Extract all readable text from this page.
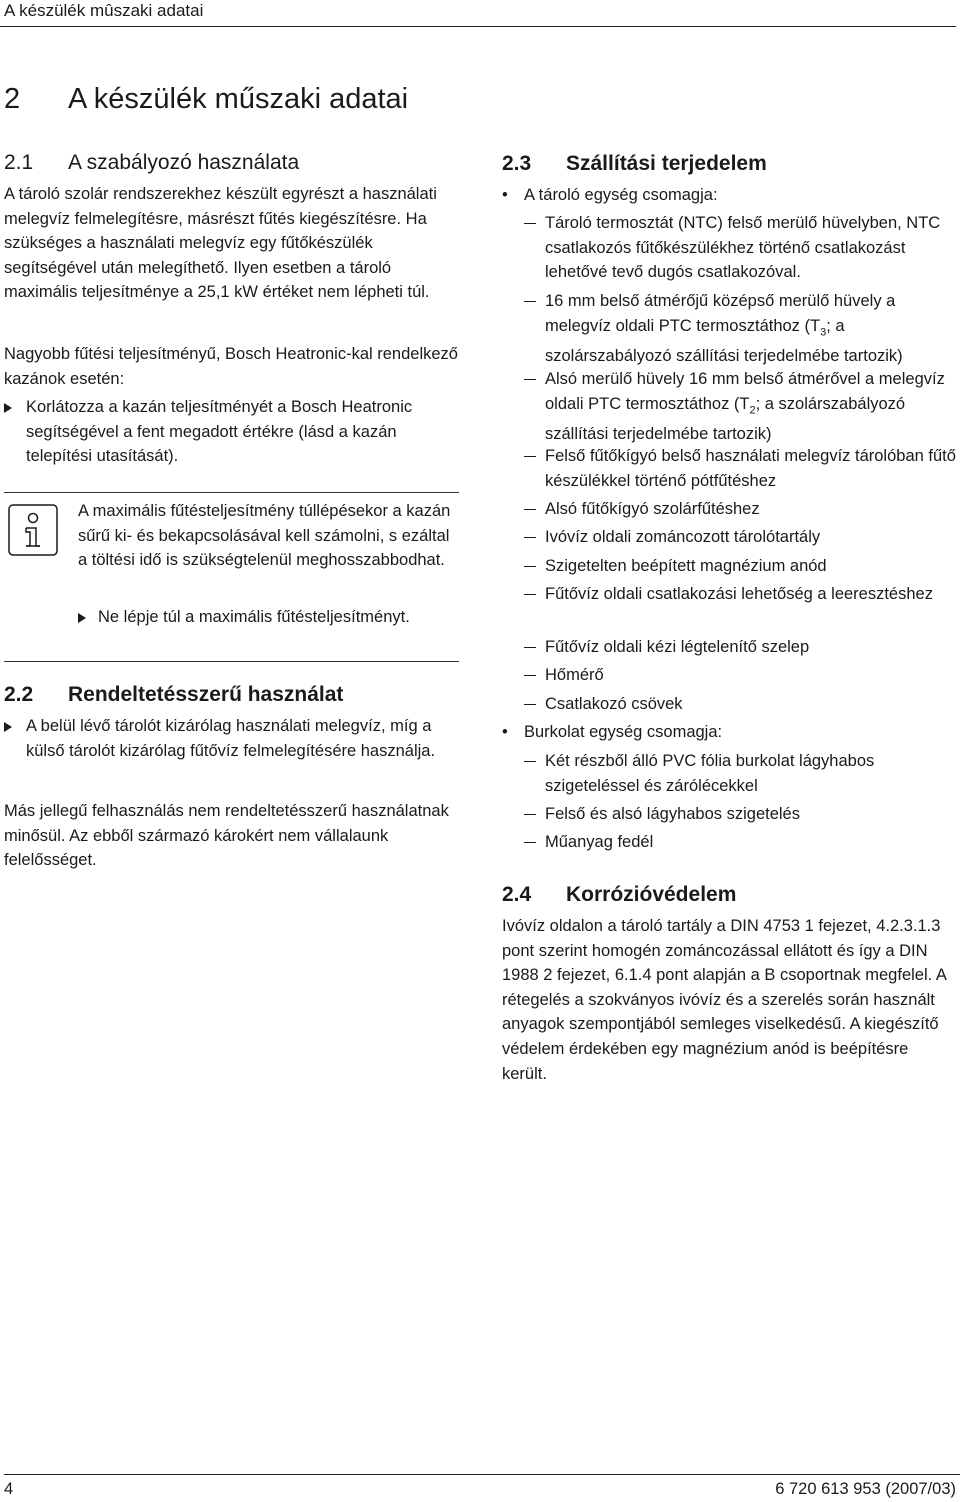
A készülék mûszaki adatai
2 A készülék műszaki adatai
2.1 A szabályozó használata

A tároló szolár rendszerekhez készült egyrészt a használati melegvíz felmelegítésre, másrészt fűtés kiegészítésre. Ha szükséges a használati melegvíz egy fűtőkészülék segítségével után melegíthető. Ilyen esetben a tároló maximális teljesítménye a 25,1 kW értéket nem lépheti túl.

Nagyobb fűtési teljesítményű, Bosch Heatronic-kal rendelkező kazánok esetén:

Korlátozza a kazán teljesítményét a Bosch Heatronic segítségével a fent megadott értékre (lásd a kazán telepítési utasítását).

A maximális fűtésteljesítmény túllépésekor a kazán sűrű ki- és bekapcsolásával kell számolni, s ezáltal a töltési idő is szükségtelenül meghosszabbodhat.

Ne lépje túl a maximális fűtésteljesítményt.
2.2 Rendeltetésszerű használat
A belül lévő tárolót kizárólag használati melegvíz, míg a külső tárolót kizárólag fűtővíz felmelegítésére használja.

Más jellegű felhasználás nem rendeltetésszerű használatnak minősül. Az ebből származó károkért nem vállalaunk felelősséget.

2.3 Szállítási terjedelem
• A tároló egység csomagja:
Tároló termosztát (NTC) felső merülő hüvelyben, NTC csatlakozós fűtőkészülékhez történő csatlakozást lehetővé tevő dugós csatlakozóval.
16 mm belső átmérőjű középső merülő hüvely a melegvíz oldali PTC termosztáthoz ($T_3$; a szolárszabályozó szállítási terjedelmébe tartozik)
Alsó merülő hüvely 16 mm belső átmérővel a melegvíz oldali PTC termosztáthoz ($T_2$; a szolárszabályozó szállítási terjedelmébe tartozik)
Felső fűtőkígyó belső használati melegvíz tárolóban fűtő készülékkel történő pótfűtéshez
Alsó fűtőkígyó szolárfűtéshez
Ivóvíz oldali zománcozott tárolótartály
Szigetelten beépített magnézium anód
Fűtővíz oldali csatlakozási lehetőség a leeresztéshez
Fűtővíz oldali kézi légtelenítő szelep
Hőmérő
Csatlakozó csövek
• Burkolat egység csomagja:
Két részből álló PVC fólia burkolat lágyhabos szigeteléssel és zárólécekkel
Felső és alsó lágyhabos szigetelés
Műanyag fedél
2.4 Korrózióvédelem

Ivóvíz oldalon a tároló tartály a DIN 4753 1 fejezet, 4.2.3.1.3 pont szerint homogén zománcozással ellátott és így a DIN 1988 2 fejezet, 6.1.4 pont alapján a B csoportnak megfelel. A rétegelés a szokványos ivóvíz és a szerelés során használt anyagok szempontjából semleges viselkedésű. A kiegészítő védelem érdekében egy magnézium anód is beépítésre került.

4	6 720 613 953 (2007/03)
